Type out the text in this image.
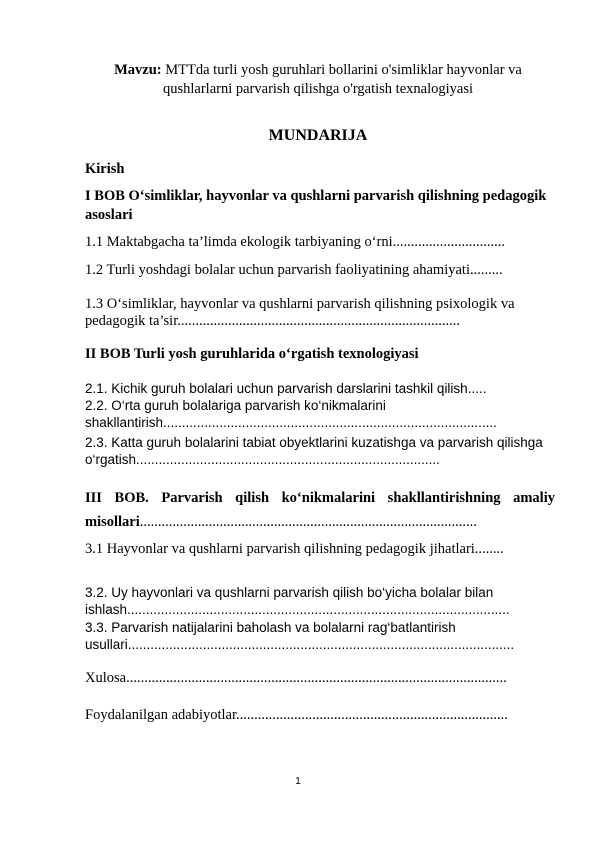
Mavzu: MTTda turli yosh guruhlari bollarini o'simliklar hayvonlar va qushlarlarni parvarish qilishga o'rgatish texnalogiyasi
MUNDARIJA
Kirish
I BOB O‘simliklar, hayvonlar va qushlarni parvarish qilishning pedagogik asoslari
1.1 Maktabgacha ta’limda ekologik tarbiyaning o‘rni...............................
1.2 Turli yoshdagi bolalar uchun parvarish faoliyatining ahamiyati.........
1.3 O‘simliklar, hayvonlar va qushlarni parvarish qilishning psixologik va pedagogik ta’sir..............................................................................
II BOB Turli yosh guruhlarida o‘rgatish texnologiyasi
2.1. Kichik guruh bolalari uchun parvarish darslarini tashkil qilish.....
2.2. O‘rta guruh bolalariga parvarish ko‘nikmalarini shakllantirish.........................................................................................
2.3. Katta guruh bolalarini tabiat obyektlarini kuzatishga va parvarish qilishga o‘rgatish.................................................................................
III BOB. Parvarish qilish ko‘nikmalarini shakllantirishning amaliy misollari.............................................................................................
3.1 Hayvonlar va qushlarni parvarish qilishning pedagogik jihatlari........
3.2. Uy hayvonlari va qushlarni parvarish qilish bo‘yicha bolalar bilan ishlash......................................................................................................
3.3. Parvarish natijalarini baholash va bolalarni rag‘batlantirish usullari.......................................................................................................
Xulosa.........................................................................................................
Foydalanilgan adabiyotlar...........................................................................
1
